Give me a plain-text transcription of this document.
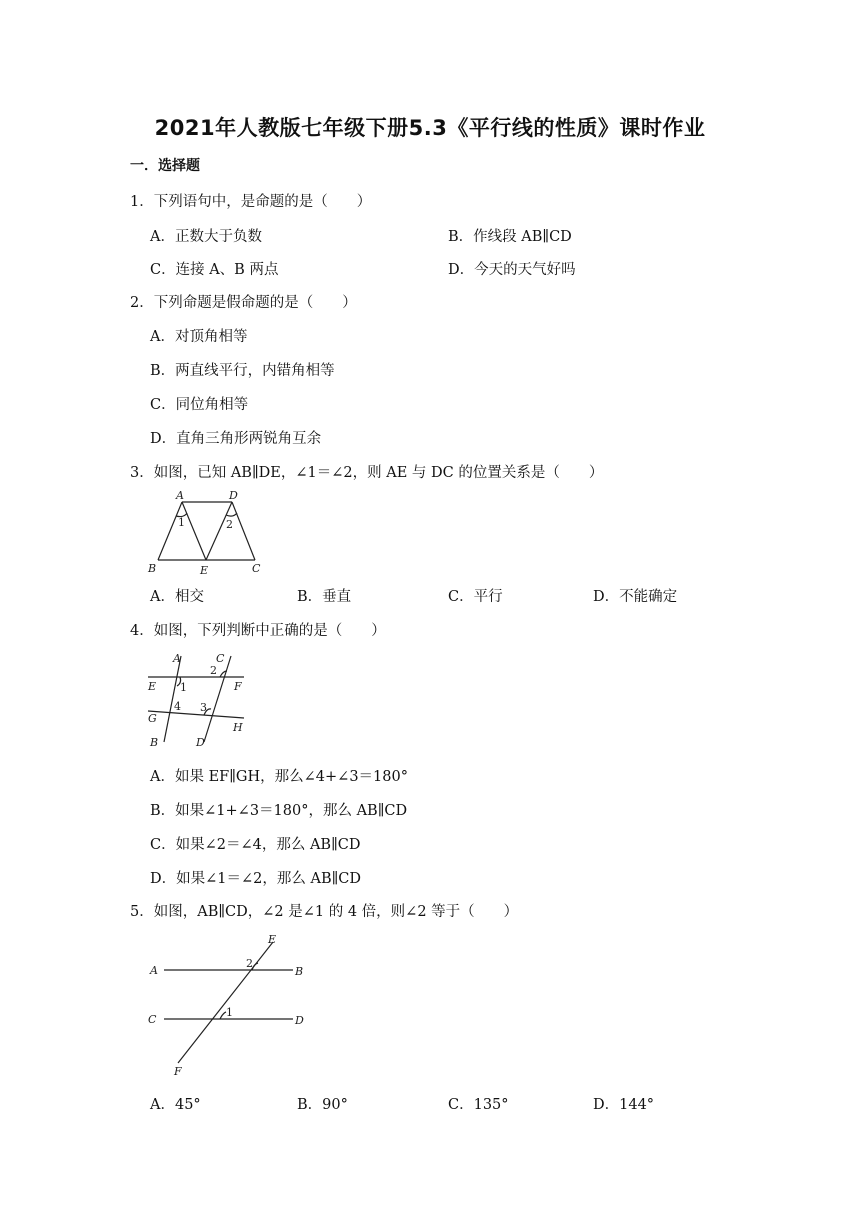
2021年人教版七年级下册5.3《平行线的性质》课时作业
一．选择题
1．下列语句中，是命题的是（　　）
A．正数大于负数	B．作线段 AB∥CD
C．连接 A、B 两点	D．今天的天气好吗
2．下列命题是假命题的是（　　）
A．对顶角相等
B．两直线平行，内错角相等
C．同位角相等
D．直角三角形两锐角互余
3．如图，已知 AB∥DE，∠1＝∠2，则 AE 与 DC 的位置关系是（　　）
A	D
1	2
B	E	C
A．相交	B．垂直	C．平行	D．不能确定
4．如图，下列判断中正确的是（　　）
A	C
2
E 1	F
G
4 3
H
B	D
A．如果 EF∥GH，那么∠4+∠3＝180°
B．如果∠1+∠3＝180°，那么 AB∥CD
C．如果∠2＝∠4，那么 AB∥CD
D．如果∠1＝∠2，那么 AB∥CD
5．如图，AB∥CD，∠2 是∠1 的 4 倍，则∠2 等于（　　）
E
A
2
B
C
1
D
F
A．45°	B．90°	C．135°	D．144°
